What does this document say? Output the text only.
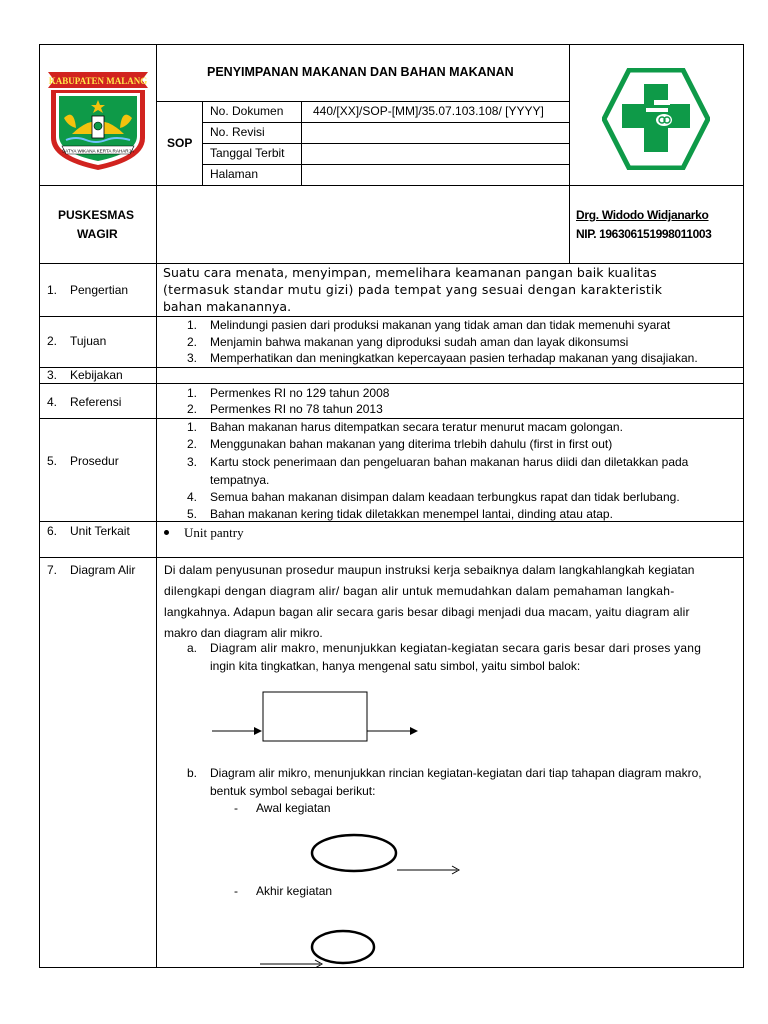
KABUPATEN MALANG
SATYA WIKANA KERTA RAHARJA
PENYIMPANAN MAKANAN DAN BAHAN MAKANAN
SOP
No. Dokumen 440/[XX]/SOP-[MM]/35.07.103.108/ [YYYY]
No. Revisi
Tanggal Terbit
Halaman
PUSKESMAS
WAGIR
Drg. Widodo Widjanarko
NIP. 196306151998011003
1. Pengertian
Suatu cara menata, menyimpan, memelihara keamanan pangan baik kualitas
(termasuk standar mutu gizi) pada tempat yang sesuai dengan karakteristik
bahan makanannya.
2. Tujuan
1. Melindungi pasien dari produksi makanan yang tidak aman dan tidak memenuhi syarat
2. Menjamin bahwa makanan yang diproduksi sudah aman dan layak dikonsumsi
3. Memperhatikan dan meningkatkan kepercayaan pasien terhadap makanan yang disajiakan.
3. Kebijakan
4. Referensi
1. Permenkes RI no 129 tahun 2008
2. Permenkes RI no 78 tahun 2013
5. Prosedur
1. Bahan makanan harus ditempatkan secara teratur menurut macam golongan.
2. Menggunakan bahan makanan yang diterima trlebih dahulu (first in first out)
3. Kartu stock penerimaan dan pengeluaran bahan makanan harus diidi dan diletakkan pada
tempatnya.
4. Semua bahan makanan disimpan dalam keadaan terbungkus rapat dan tidak berlubang.
5. Bahan makanan kering tidak diletakkan menempel lantai, dinding atau atap.
6. Unit Terkait	Unit pantry
7. Diagram Alir Di dalam penyusunan prosedur maupun instruksi kerja sebaiknya dalam langkahlangkah kegiatan
dilengkapi dengan diagram alir/ bagan alir untuk memudahkan dalam pemahaman langkah-
langkahnya. Adapun bagan alir secara garis besar dibagi menjadi dua macam, yaitu diagram alir
makro dan diagram alir mikro.
a. Diagram alir makro, menunjukkan kegiatan-kegiatan secara garis besar dari proses yang
ingin kita tingkatkan, hanya mengenal satu simbol, yaitu simbol balok:
b. Diagram alir mikro, menunjukkan rincian kegiatan-kegiatan dari tiap tahapan diagram makro,
bentuk symbol sebagai berikut:
- Awal kegiatan
- Akhir kegiatan
